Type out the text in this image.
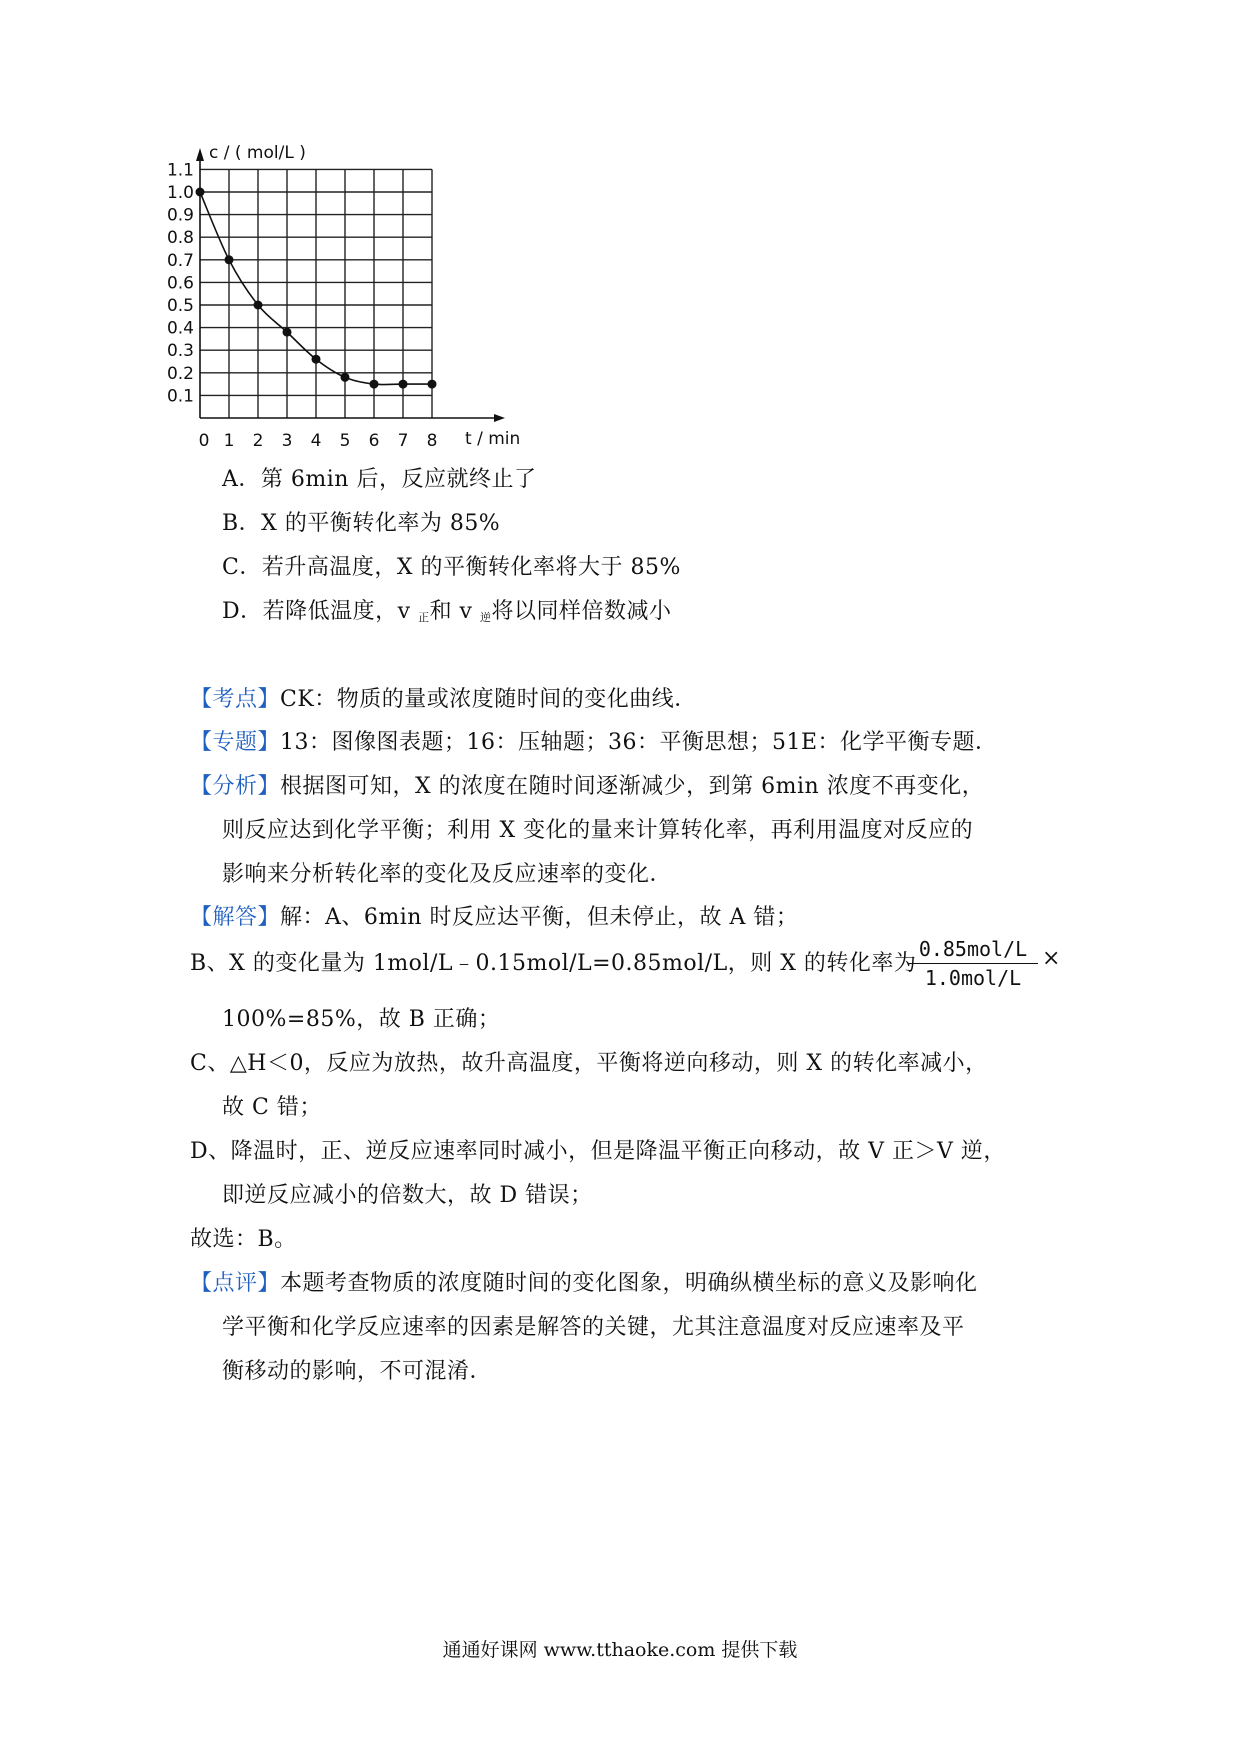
c / ( mol/L )
t / min
1.1
1.0
0.9
0.8
0.7
0.6
0.5
0.4
0.3
0.2
0.1
0 1 2 3 4 5 6 7 8
A．第 6min 后，反应就终止了
B．X 的平衡转化率为 85%
C．若升高温度，X 的平衡转化率将大于 85%
D．若降低温度，v $_正$和 v $_逆$将以同样倍数减小
【考点】CK：物质的量或浓度随时间的变化曲线．
【专题】13：图像图表题；16：压轴题；36：平衡思想；51E：化学平衡专题．
【分析】根据图可知，X 的浓度在随时间逐渐减少，到第 6min 浓度不再变化，
则反应达到化学平衡；利用 X 变化的量来计算转化率，再利用温度对反应的
影响来分析转化率的变化及反应速率的变化．
【解答】解：A、6min 时反应达平衡，但未停止，故 A 错；
B、X 的变化量为 1mol/L﹣0.15mol/L=0.85mol/L，则 X 的转化率为
0.85mol/L
1.0mol/L
×
100%=85%，故 B 正确；
C、△H＜0，反应为放热，故升高温度，平衡将逆向移动，则 X 的转化率减小，
故 C 错；
D、降温时，正、逆反应速率同时减小，但是降温平衡正向移动，故 V 正＞V 逆，
即逆反应减小的倍数大，故 D 错误；
故选：B。
【点评】本题考查物质的浓度随时间的变化图象，明确纵横坐标的意义及影响化
学平衡和化学反应速率的因素是解答的关键，尤其注意温度对反应速率及平
衡移动的影响，不可混淆．
通通好课网 www.tthaoke.com 提供下载
